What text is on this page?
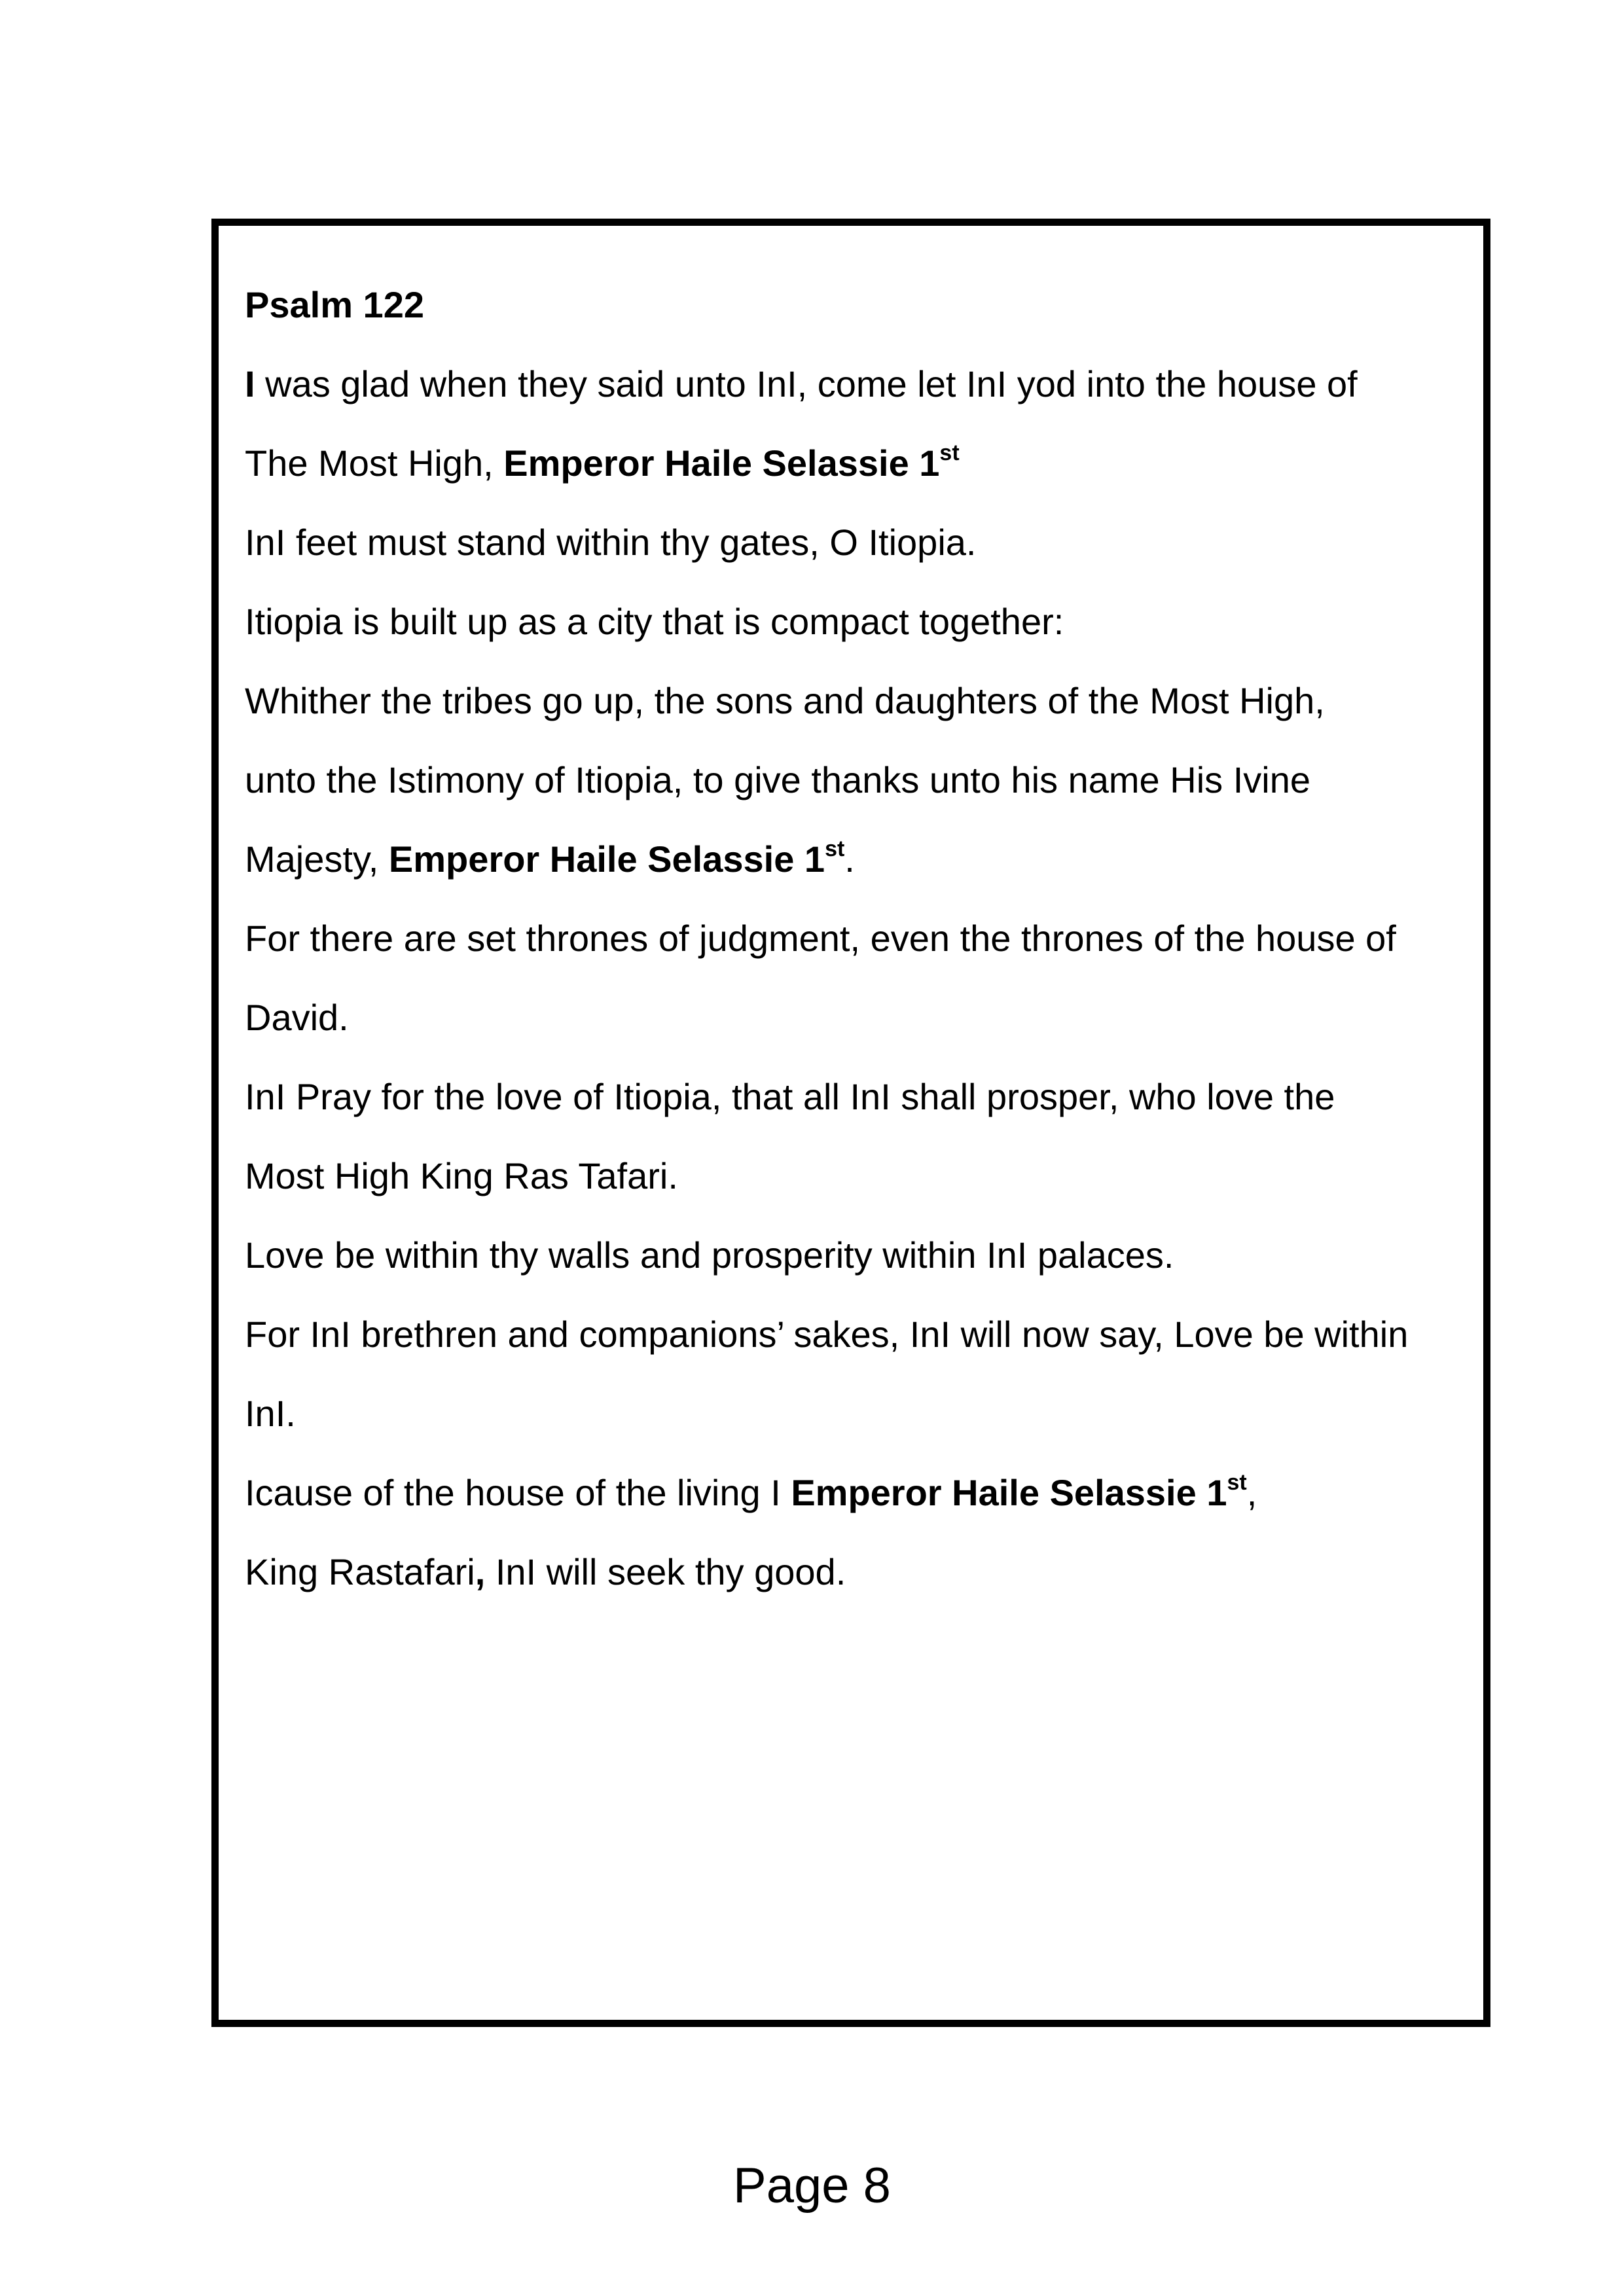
Psalm 122
I was glad when they said unto InI, come let InI yod into the house of
The Most High, Emperor Haile Selassie 1st
InI feet must stand within thy gates, O Itiopia.
Itiopia is built up as a city that is compact together:
Whither the tribes go up, the sons and daughters of the Most High,
unto the Istimony of Itiopia, to give thanks unto his name His Ivine
Majesty, Emperor Haile Selassie 1st.
For there are set thrones of judgment, even the thrones of the house of
David.
InI Pray for the love of Itiopia, that all InI shall prosper, who love the
Most High King Ras Tafari.
Love be within thy walls and prosperity within InI palaces.
For InI brethren and companions’ sakes, InI will now say, Love be within
InI.
Icause of the house of the living I Emperor Haile Selassie 1st,
King Rastafari, InI will seek thy good.
Page 8
